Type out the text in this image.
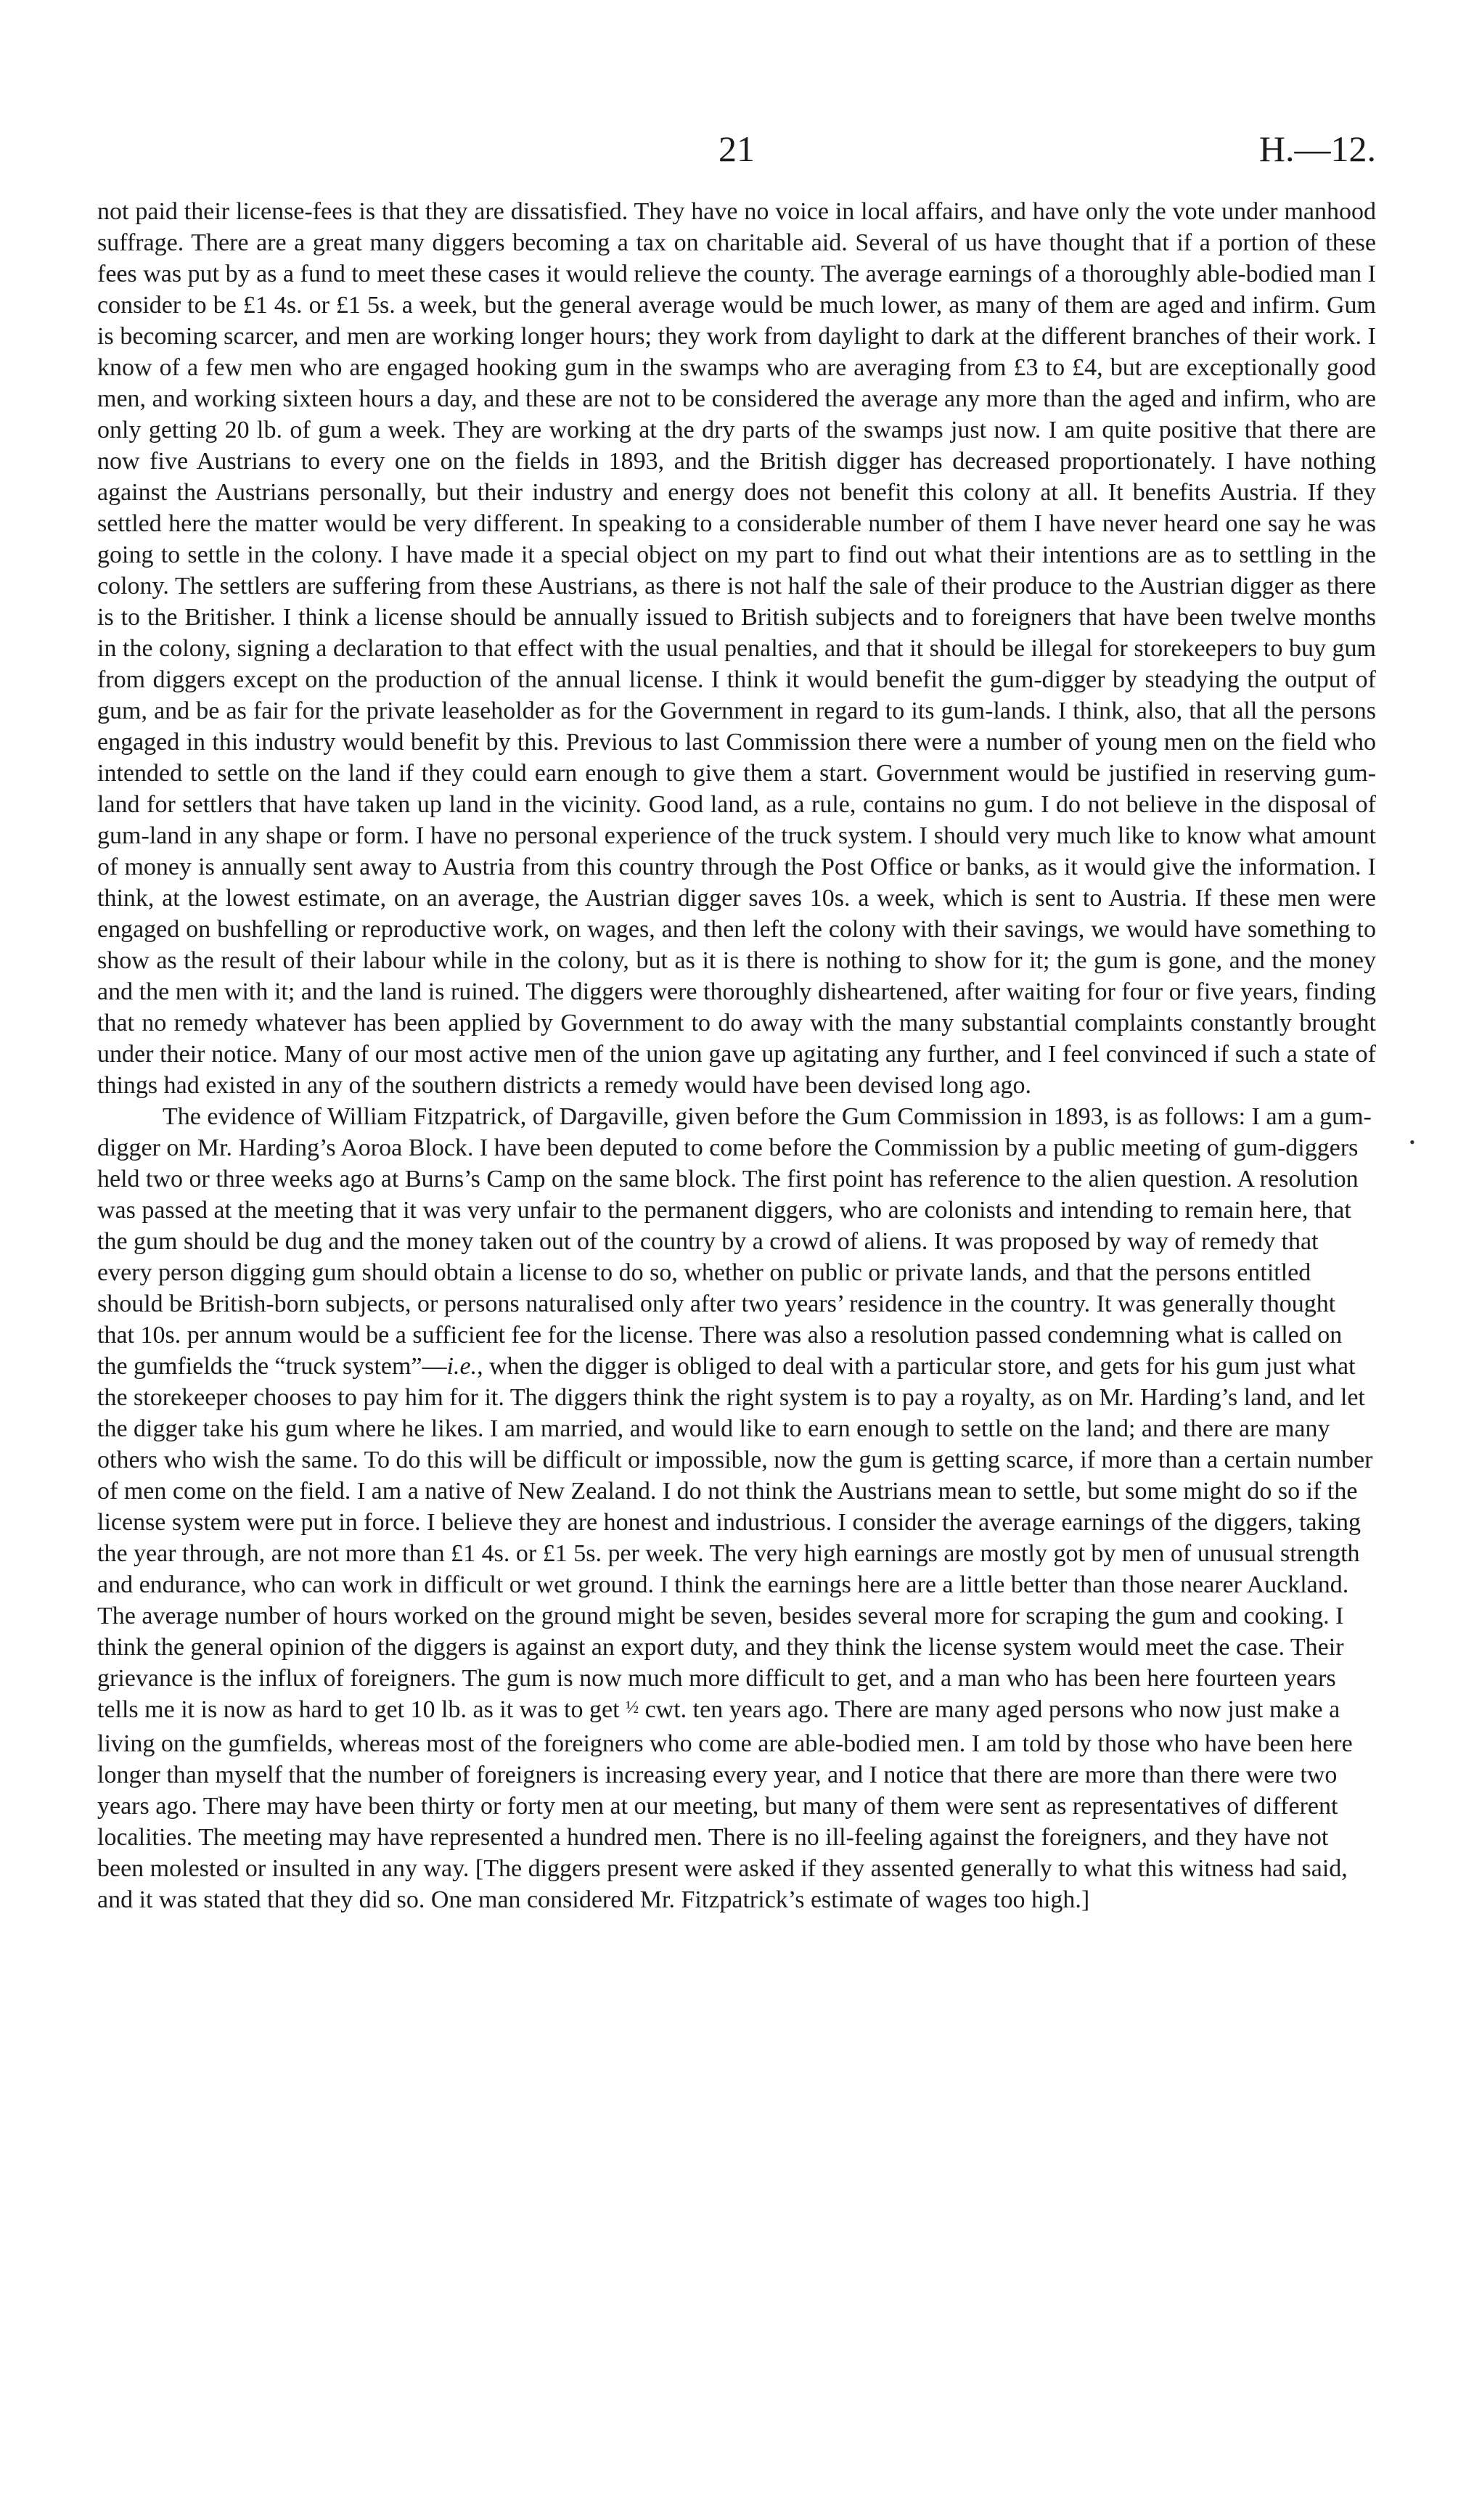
21	H.—12.

not paid their license-fees is that they are dissatisfied. They have no voice in local affairs, and have only the vote under manhood suffrage. There are a great many diggers becoming a tax on charitable aid. Several of us have thought that if a portion of these fees was put by as a fund to meet these cases it would relieve the county. The average earnings of a thoroughly able-bodied man I consider to be £1 4s. or £1 5s. a week, but the general average would be much lower, as many of them are aged and infirm. Gum is becoming scarcer, and men are working longer hours; they work from daylight to dark at the different branches of their work. I know of a few men who are engaged hooking gum in the swamps who are averaging from £3 to £4, but are exceptionally good men, and working sixteen hours a day, and these are not to be considered the average any more than the aged and infirm, who are only getting 20 lb. of gum a week. They are working at the dry parts of the swamps just now. I am quite positive that there are now five Austrians to every one on the fields in 1893, and the British digger has decreased proportionately. I have nothing against the Austrians personally, but their industry and energy does not benefit this colony at all. It benefits Austria. If they settled here the matter would be very different. In speaking to a considerable number of them I have never heard one say he was going to settle in the colony. I have made it a special object on my part to find out what their intentions are as to settling in the colony. The settlers are suffering from these Austrians, as there is not half the sale of their produce to the Austrian digger as there is to the Britisher. I think a license should be annually issued to British subjects and to foreigners that have been twelve months in the colony, signing a declaration to that effect with the usual penalties, and that it should be illegal for storekeepers to buy gum from diggers except on the production of the annual license. I think it would benefit the gum-digger by steadying the output of gum, and be as fair for the private leaseholder as for the Government in regard to its gum-lands. I think, also, that all the persons engaged in this industry would benefit by this. Previous to last Commission there were a number of young men on the field who intended to settle on the land if they could earn enough to give them a start. Government would be justified in reserving gum-land for settlers that have taken up land in the vicinity. Good land, as a rule, contains no gum. I do not believe in the disposal of gum-land in any shape or form. I have no personal experience of the truck system. I should very much like to know what amount of money is annually sent away to Austria from this country through the Post Office or banks, as it would give the information. I think, at the lowest estimate, on an average, the Austrian digger saves 10s. a week, which is sent to Austria. If these men were engaged on bushfelling or reproductive work, on wages, and then left the colony with their savings, we would have something to show as the result of their labour while in the colony, but as it is there is nothing to show for it; the gum is gone, and the money and the men with it; and the land is ruined. The diggers were thoroughly disheartened, after waiting for four or five years, finding that no remedy whatever has been applied by Government to do away with the many substantial complaints constantly brought under their notice. Many of our most active men of the union gave up agitating any further, and I feel convinced if such a state of things had existed in any of the southern districts a remedy would have been devised long ago.

The evidence of William Fitzpatrick, of Dargaville, given before the Gum Commission in 1893, is as follows: I am a gum-digger on Mr. Harding’s Aoroa Block. I have been deputed to come before the Commission by a public meeting of gum-diggers held two or three weeks ago at Burns’s Camp on the same block. The first point has reference to the alien question. A resolution was passed at the meeting that it was very unfair to the permanent diggers, who are colonists and intending to remain here, that the gum should be dug and the money taken out of the country by a crowd of aliens. It was proposed by way of remedy that every person digging gum should obtain a license to do so, whether on public or private lands, and that the persons entitled should be British-born subjects, or persons naturalised only after two years’ residence in the country. It was generally thought that 10s. per annum would be a sufficient fee for the license. There was also a resolution passed condemning what is called on the gumfields the “truck system”—i.e., when the digger is obliged to deal with a particular store, and gets for his gum just what the storekeeper chooses to pay him for it. The diggers think the right system is to pay a royalty, as on Mr. Harding’s land, and let the digger take his gum where he likes. I am married, and would like to earn enough to settle on the land; and there are many others who wish the same. To do this will be difficult or impossible, now the gum is getting scarce, if more than a certain number of men come on the field. I am a native of New Zealand. I do not think the Austrians mean to settle, but some might do so if the license system were put in force. I believe they are honest and industrious. I consider the average earnings of the diggers, taking the year through, are not more than £1 4s. or £1 5s. per week. The very high earnings are mostly got by men of unusual strength and endurance, who can work in difficult or wet ground. I think the earnings here are a little better than those nearer Auckland. The average number of hours worked on the ground might be seven, besides several more for scraping the gum and cooking. I think the general opinion of the diggers is against an export duty, and they think the license system would meet the case. Their grievance is the influx of foreigners. The gum is now much more difficult to get, and a man who has been here fourteen years tells me it is now as hard to get 10 lb. as it was to get ½ cwt. ten years ago. There are many aged persons who now just make a living on the gumfields, whereas most of the foreigners who come are able-bodied men. I am told by those who have been here longer than myself that the number of foreigners is increasing every year, and I notice that there are more than there were two years ago. There may have been thirty or forty men at our meeting, but many of them were sent as representatives of different localities. The meeting may have represented a hundred men. There is no ill-feeling against the foreigners, and they have not been molested or insulted in any way. [The diggers present were asked if they assented generally to what this witness had said, and it was stated that they did so. One man considered Mr. Fitzpatrick’s estimate of wages too high.]

•
